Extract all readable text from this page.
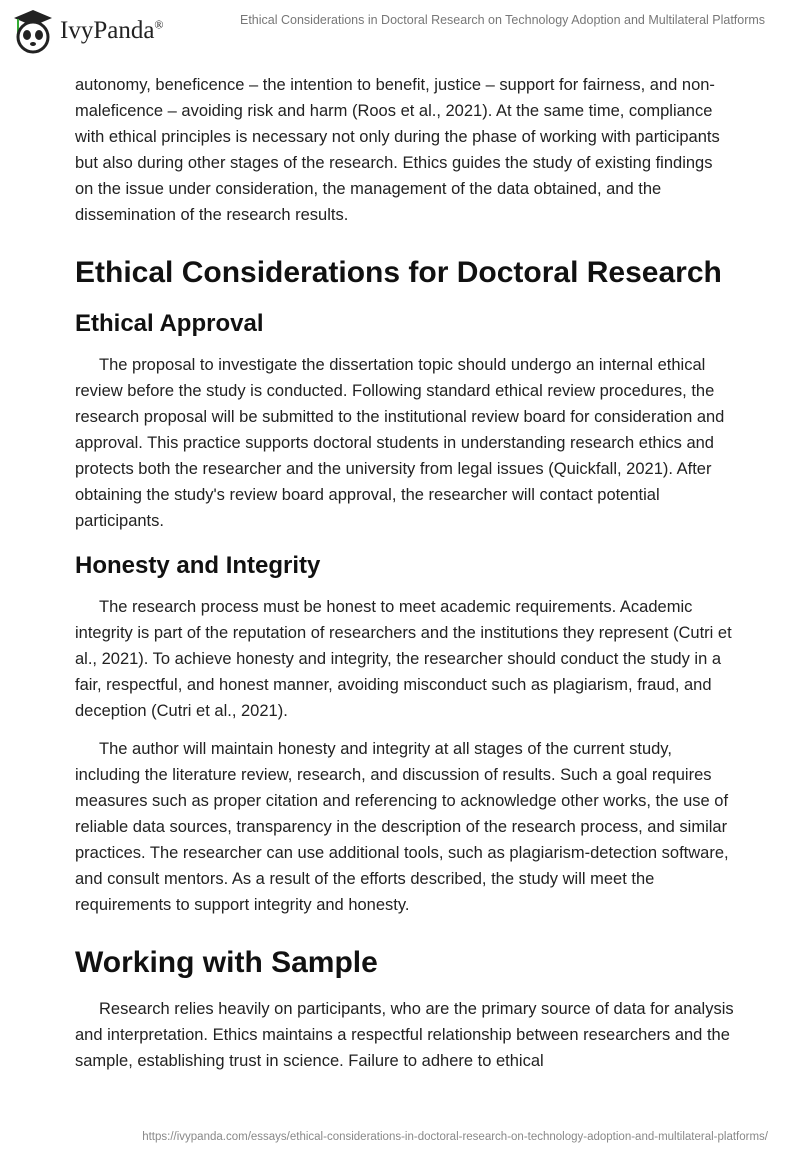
IvyPanda®	Ethical Considerations in Doctoral Research on Technology Adoption and Multilateral Platforms

autonomy, beneficence – the intention to benefit, justice – support for fairness, and non-maleficence – avoiding risk and harm (Roos et al., 2021). At the same time, compliance with ethical principles is necessary not only during the phase of working with participants but also during other stages of the research. Ethics guides the study of existing findings on the issue under consideration, the management of the data obtained, and the dissemination of the research results.

Ethical Considerations for Doctoral Research
Ethical Approval

The proposal to investigate the dissertation topic should undergo an internal ethical review before the study is conducted. Following standard ethical review procedures, the research proposal will be submitted to the institutional review board for consideration and approval. This practice supports doctoral students in understanding research ethics and protects both the researcher and the university from legal issues (Quickfall, 2021). After obtaining the study's review board approval, the researcher will contact potential participants.

Honesty and Integrity

The research process must be honest to meet academic requirements. Academic integrity is part of the reputation of researchers and the institutions they represent (Cutri et al., 2021). To achieve honesty and integrity, the researcher should conduct the study in a fair, respectful, and honest manner, avoiding misconduct such as plagiarism, fraud, and deception (Cutri et al., 2021).

The author will maintain honesty and integrity at all stages of the current study, including the literature review, research, and discussion of results. Such a goal requires measures such as proper citation and referencing to acknowledge other works, the use of reliable data sources, transparency in the description of the research process, and similar practices. The researcher can use additional tools, such as plagiarism-detection software, and consult mentors. As a result of the efforts described, the study will meet the requirements to support integrity and honesty.

Working with Sample

Research relies heavily on participants, who are the primary source of data for analysis and interpretation. Ethics maintains a respectful relationship between researchers and the sample, establishing trust in science. Failure to adhere to ethical

https://ivypanda.com/essays/ethical-considerations-in-doctoral-research-on-technology-adoption-and-multilateral-platforms/
